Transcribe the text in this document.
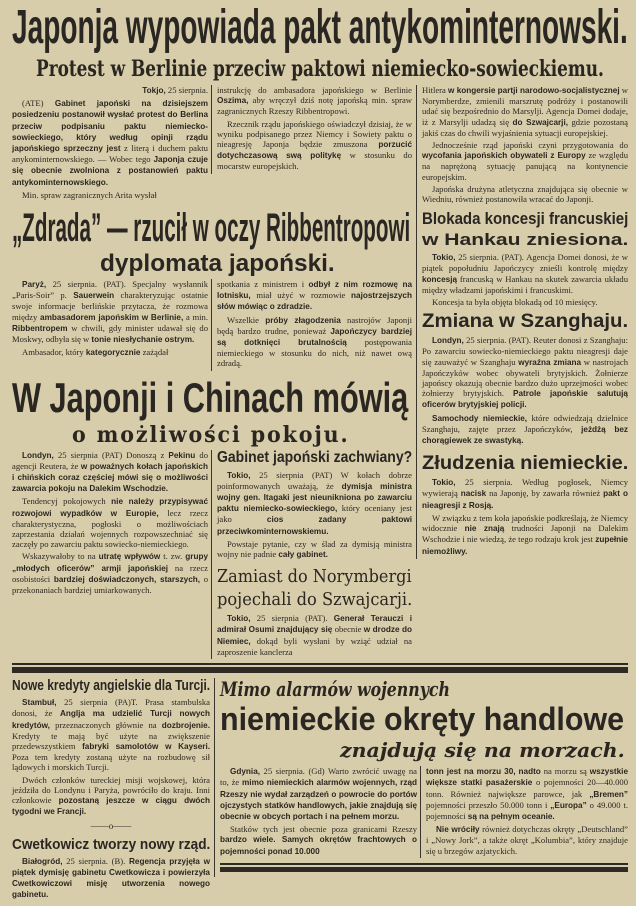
Japonja wypowiada pakt antykominternowski.
Protest w Berlinie przeciw paktowi niemiecko-sowieckiemu.

Tokjo, 25 sierpnia.

(ATE) Gabinet japoński na dzisiejszem posiedzeniu postanowił wysłać protest do Berlina przeciw podpisaniu paktu niemiecko-sowieckiego, który według opinji rządu japońskiego sprzeczny jest z literą i duchem paktu anykominternowskiego. — Wobec tego Japonja czuje się obecnie zwolniona z postanowień paktu antykominternowskiego.

Min. spraw zagranicznych Arita wysłał

instrukcję do ambasadora japońskiego w Berlinie Oszima, aby wręczył dziś notę japońską min. spraw zagranicznych Rzeszy Ribbentropowi.

Rzecznik rządu japońskiego oświadczył dzisiaj, że w wyniku podpisanego przez Niemcy i Sowiety paktu o nieagresję Japonja będzie zmuszona porzucić dotychczasową swą politykę w stosunku do mocarstw europejskich.

„Zdrada” — rzucił w oczy Ribbentropowi
dyplomata japoński.

Paryż, 25 sierpnia. (PAT). Specjalny wysłannik „Paris-Soir” p. Sauerwein charakteryzując ostatnie swoje informacje berlińskie przytacza, że rozmowa między ambasadorem japońskim w Berlinie, a min. Ribbentropem w chwili, gdy minister udawał się do Moskwy, odbyła się w tonie niesłychanie ostrym.

Ambasador, który kategorycznie zażądał

spotkania z ministrem i odbył z nim rozmowę na lotnisku, miał użyć w rozmowie najostrzejszych słów mówiąc o zdradzie.

Wszelkie próby złagodzenia nastrojów Japonji będą bardzo trudne, ponieważ Japończycy bardziej są dotknięci brutalnością postępowania niemieckiego w stosunku do nich, niż nawet ową zdradą.

W Japonji i Chinach mówią
o możliwości pokoju.

Londyn, 25 sierpnia (PAT) Donoszą z Pekinu do agencji Reutera, że w poważnych kołach japońskich i chińskich coraz częściej mówi się o możliwości zawarcia pokoju na Dalekim Wschodzie.

Tendencyj pokojowych nie należy przypisywać rozwojowi wypadków w Europie, lecz rzecz charakterystyczna, pogłoski o możliwościach zaprzestania działań wojennych rozpowszechniać się zaczęły po zawarciu paktu sowiecko-niemieckiego.

Wskazywałoby to na utratę wpływów t. zw. grupy „młodych oficerów” armji japońskiej na rzecz osobistości bardziej doświadczonych, starszych, o przekonaniach bardziej umiarkowanych.

Gabinet japoński zachwiany?

Tokio, 25 sierpnia (PAT) W kołach dobrze poinformowanych uważają, że dymisja ministra wojny gen. Itagaki jest nieunikniona po zawarciu paktu niemiecko-sowieckiego, który oceniany jest jako cios zadany paktowi przeciwkominternowskiemu.

Powstaje pytanie, czy w ślad za dymisją ministra wojny nie padnie cały gabinet.

Zamiast do Norymbergi
pojechali do Szwajcarji.

Tokio, 25 sierpnia (PAT). Generał Terauczi i admirał Osumi znajdujący się obecnie w drodze do Niemiec, dokąd byli wysłani by wziąć udział na zaproszenie kanclerza

Hitlera w kongersie partji narodowo-socjalistycznej w Norymberdze, zmienili marszrutę podróży i postanowili udać się bezpośrednio do Marsylji. Agencja Domei dodaje, iż z Marsylji udadzą się do Szwajcarji, gdzie pozostaną jakiś czas do chwili wyjaśnienia sytuacji europejskiej.

Jednocześnie rząd japoński czyni przygotowania do wycofania japońskich obywateli z Europy ze względu na naprężoną sytuację panującą na kontynencie europejskim.

Japońska drużyna atletyczna znajdująca się obecnie w Wiedniu, również postanowiła wracać do Japonji.

Blokada koncesji francuskiej
w Hankau zniesiona.

Tokio, 25 sierpnia. (PAT). Agencja Domei donosi, że w piątek popołudniu Japończycy znieśli kontrolę między koncesją francuską w Hankau na skutek zawarcia układu między władzami japońskimi i francuskimi.

Koncesja ta była objęta blokadą od 10 miesięcy.

Zmiana w Szanghaju.

Londyn, 25 sierpnia. (PAT). Reuter donosi z Szanghaju: Po zawarciu sowiecko-niemieckiego paktu nieagresji daje się zauważyć w Szanghaju wyraźna zmiana w nastrojach Japończyków wobec obywateli brytyjskich. Żołnierze japońscy okazują obecnie bardzo dużo uprzejmości wobec żołnierzy brytyjskich. Patrole japońskie salutują oficerów brytyjskiej policji.

Samochody niemieckie, które odwiedzają dzielnice Szanghaju, zajęte przez Japończyków, jeżdżą bez chorągiewek ze swastyką.

Złudzenia niemieckie.

Tokio, 25 sierpnia. Według pogłosek, Niemcy wywierają nacisk na Japonję, by zawarła również pakt o nieagresji z Rosją.

W związku z tem koła japońskie podkreślają, że Niemcy widocznie nie znają trudności Japonji na Dalekim Wschodzie i nie wiedzą, że tego rodzaju krok jest zupełnie niemożliwy.

Nowe kredyty angielskie dla Turcji.

Stambuł, 25 sierpnia (PA)T. Prasa stambulska donosi, że Anglja ma udzielić Turcji nowych kredytów, przeznaczonych głównie na dozbrojenie. Kredyty te mają być użyte na zwiększenie przedewszystkiem fabryki samolotów w Kayseri. Poza tem kredyty zostaną użyte na rozbudowę sił lądowych i morskich Turcji.

Dwóch członków tureckiej misji wojskowej, która jeździła do Londynu i Paryża, powróciło do kraju. Inni członkowie pozostaną jeszcze w ciągu dwóch tygodni we Francji.

——o——
Cwetkowicz tworzy nowy rząd.

Białogród, 25 sierpnia. (B). Regencja przyjęła w piątek dymisję gabinetu Cwetkowicza i powierzyła Cwetkowiczowi misję utworzenia nowego gabinetu.

Mimo alarmów wojennych
niemieckie okręty handlowe
znajdują się na morzach.

Gdynia, 25 sierpnia. (Gd) Warto zwrócić uwagę na to, że mimo niemieckich alarmów wojennych, rząd Rzeszy nie wydał zarządzeń o powrocie do portów ojczystych statków handlowych, jakie znajdują się obecnie w obcych portach i na pełnem morzu.

Statków tych jest obecnie poza granicami Rzeszy bardzo wiele. Samych okrętów frachtowych o pojemności ponad 10.000

tonn jest na morzu 30, nadto na morzu są wszystkie większe statki pasażerskie o pojemności 20—40.000 tonn. Również największe parowce, jak „Bremen” pojemności przeszło 50.000 tonn i „Europa” o 49.000 t. pojemności są na pełnym oceanie.

Nie wróciły również dotychczas okręty „Deutschland” i „Nowy Jork”, a także okręt „Kolumbia”, który znajduje się u brzegów azjatyckich.
